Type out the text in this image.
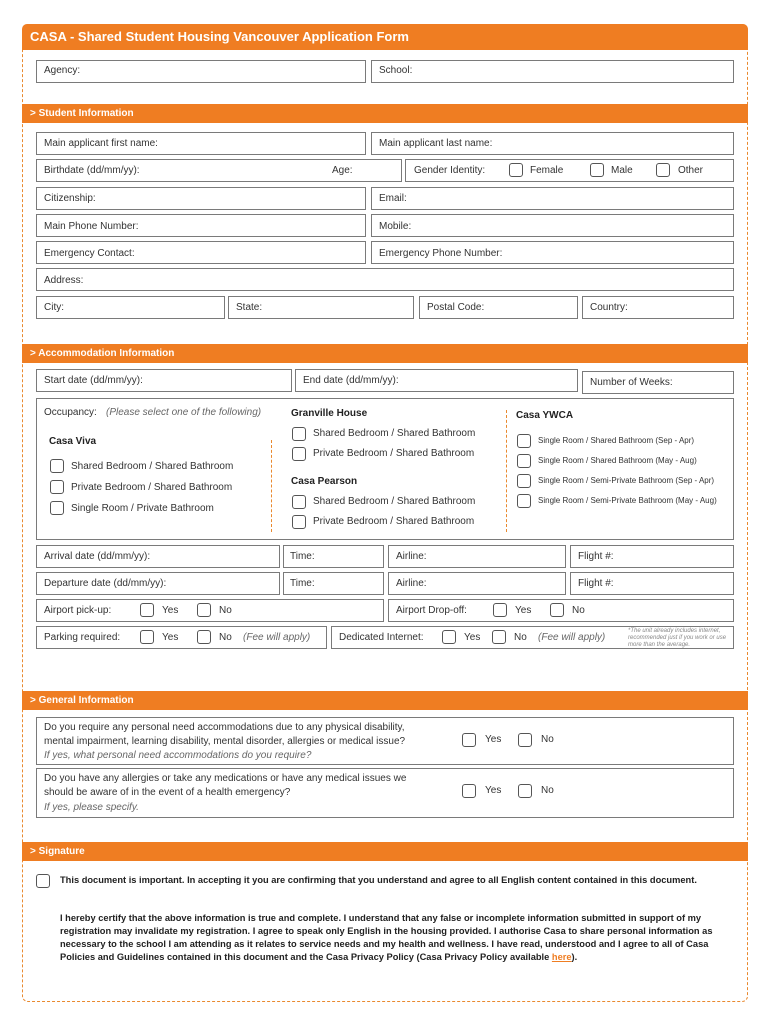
CASA - Shared Student Housing Vancouver Application Form
Agency:	School:
> Student Information
Main applicant first name:	Main applicant last name:
Birthdate (dd/mm/yy):	Age:	Gender Identity:	Female	Male	Other
Citizenship:	Email:
Main Phone Number:	Mobile:
Emergency Contact:	Emergency Phone Number:
Address:
City:	State:	Postal Code:	Country:
> Accommodation Information
Start date (dd/mm/yy):	End date (dd/mm/yy):	Number of Weeks:
Occupancy: (Please select one of the following)
Casa Viva
Shared Bedroom / Shared Bathroom
Private Bedroom / Shared Bathroom
Single Room / Private Bathroom
Granville House
Shared Bedroom / Shared Bathroom
Private Bedroom / Shared Bathroom
Casa Pearson
Shared Bedroom / Shared Bathroom
Private Bedroom / Shared Bathroom
Casa YWCA
Single Room / Shared Bathroom (Sep - Apr)
Single Room / Shared Bathroom (May - Aug)
Single Room / Semi-Private Bathroom (Sep - Apr)
Single Room / Semi-Private Bathroom (May - Aug)
Arrival date (dd/mm/yy):	Time:	Airline:	Flight #:
Departure date (dd/mm/yy):	Time:	Airline:	Flight #:
Airport pick-up:	Yes	No	Airport Drop-off:	Yes	No
Parking required:	Yes	No (Fee will apply)	Dedicated Internet:	Yes	No (Fee will apply)
*The unit already includes internet, recommended just if you work or use more than the average.
> General Information
Do you require any personal need accommodations due to any physical disability,
mental impairment, learning disability, mental disorder, allergies or medical issue?
If yes, what personal need accommodations do you require?
Yes	No
Do you have any allergies or take any medications or have any medical issues we
should be aware of in the event of a health emergency?
If yes, please specify.
Yes	No
> Signature
This document is important. In accepting it you are confirming that you understand and agree to all English content contained in this document.
I hereby certify that the above information is true and complete. I understand that any false or incomplete information submitted in support of my registration may invalidate my registration. I agree to speak only English in the housing provided. I authorise Casa to share personal information as necessary to the school I am attending as it relates to service needs and my health and wellness. I have read, understood and I agree to all of Casa Policies and Guidelines contained in this document and the Casa Privacy Policy (Casa Privacy Policy available here).
